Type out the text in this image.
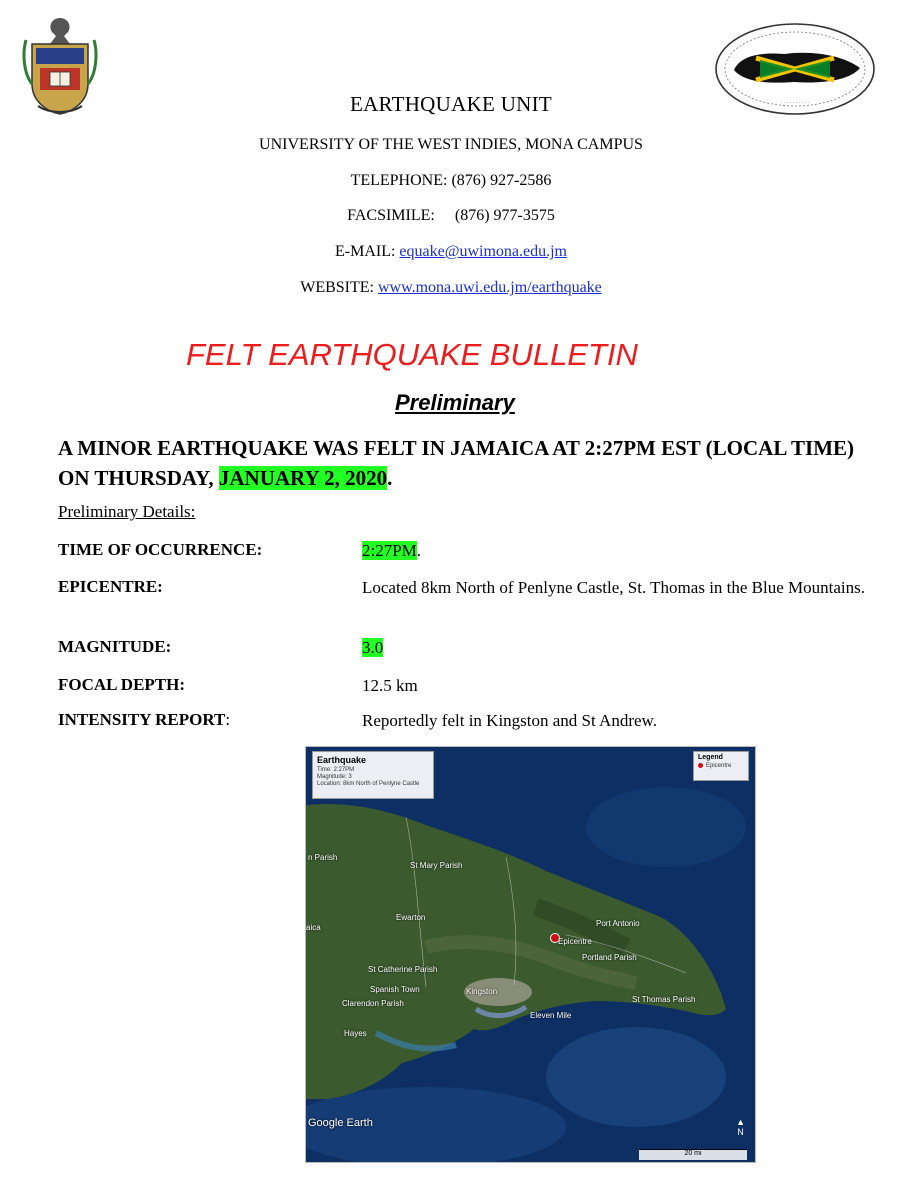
· · · · · · · · · ·
EARTHQUAKE UNIT
UNIVERSITY OF THE WEST INDIES, MONA CAMPUS
TELEPHONE: (876) 927-2586
FACSIMILE: (876) 977-3575
E-MAIL: equake@uwimona.edu.jm
WEBSITE: www.mona.uwi.edu.jm/earthquake
FELT EARTHQUAKE BULLETIN
Preliminary
A MINOR EARTHQUAKE WAS FELT IN JAMAICA AT 2:27PM EST (LOCAL TIME) ON THURSDAY, JANUARY 2, 2020.
Preliminary Details:
TIME OF OCCURRENCE:	2:27PM.
EPICENTRE:	Located 8km North of Penlyne Castle, St. Thomas in the Blue Mountains.
MAGNITUDE:	3.0
FOCAL DEPTH:	12.5 km
INTENSITY REPORT:	Reportedly felt in Kingston and St Andrew.
Earthquake
Time: 2:27PM
Magnitude: 3
Location: 8km North of Penlyne Castle
Legend
Epicentre
n Parish
St Mary Parish
Ewarton
aica	Port Antonio
Epicentre
Portland Parish
St Catherine Parish
Spanish Town	Kingston
Clarendon Parish
Eleven Mile
St Thomas Parish
Hayes
Google Earth	▲
N
20 mi
